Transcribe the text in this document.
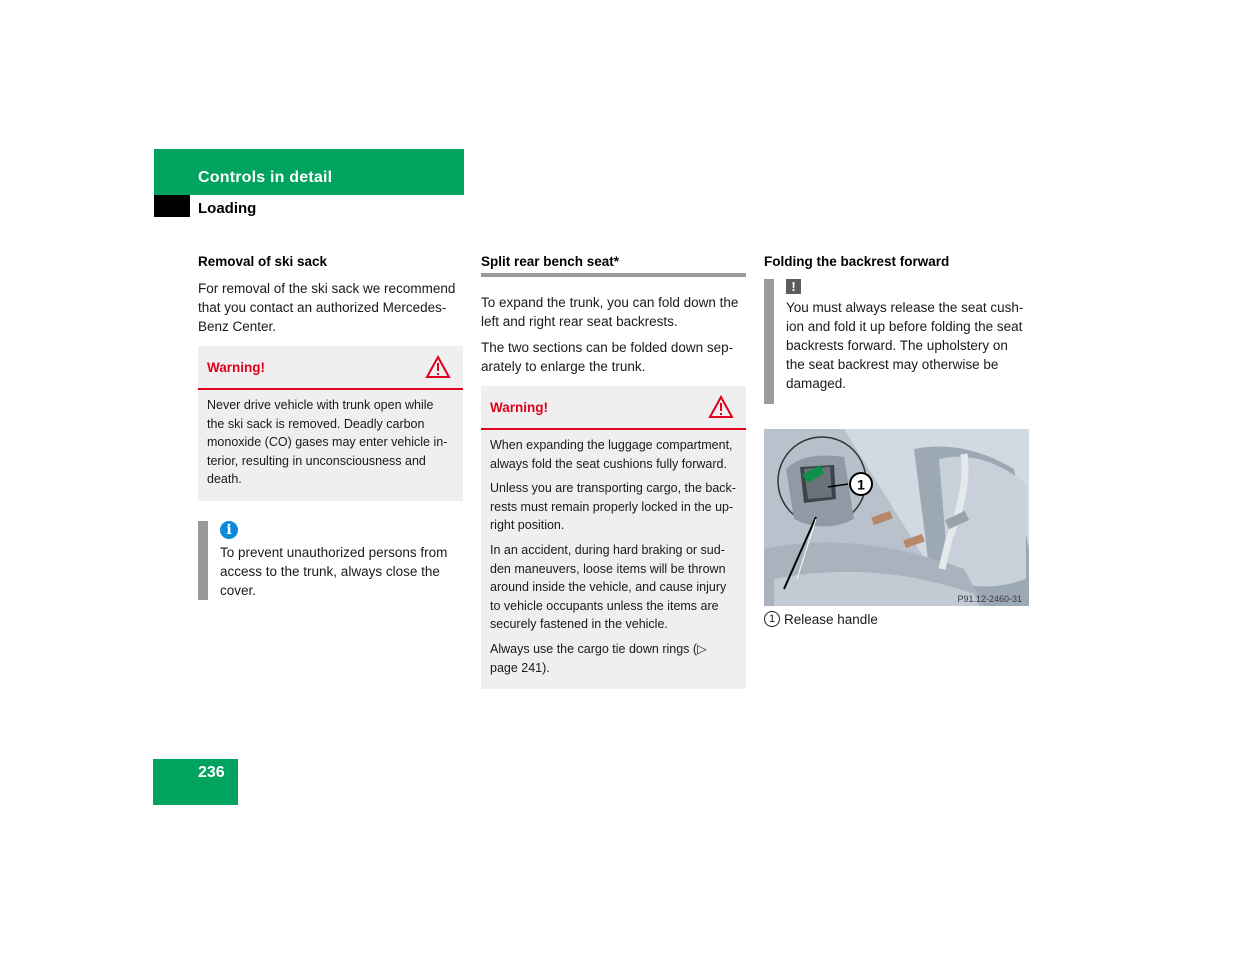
Controls in detail
Loading
Removal of ski sack
For removal of the ski sack we recommend that you contact an authorized Mercedes-Benz Center.
Warning!
Never drive vehicle with trunk open while the ski sack is removed. Deadly carbon monoxide (CO) gases may enter vehicle in-terior, resulting in unconsciousness and death.
i
To prevent unauthorized persons from access to the trunk, always close the cover.
Split rear bench seat*
To expand the trunk, you can fold down the left and right rear seat backrests.
The two sections can be folded down sep-arately to enlarge the trunk.
Warning!
When expanding the luggage compartment, always fold the seat cushions fully forward.
Unless you are transporting cargo, the back-rests must remain properly locked in the up-right position.
In an accident, during hard braking or sud-den maneuvers, loose items will be thrown around inside the vehicle, and cause injury to vehicle occupants unless the items are securely fastened in the vehicle.
Always use the cargo tie down rings (▷ page 241).
Folding the backrest forward
!
You must always release the seat cush-ion and fold it up before folding the seat backrests forward. The upholstery on the seat backrest may otherwise be damaged.
1
P91.12-2460-31
1 Release handle
236
